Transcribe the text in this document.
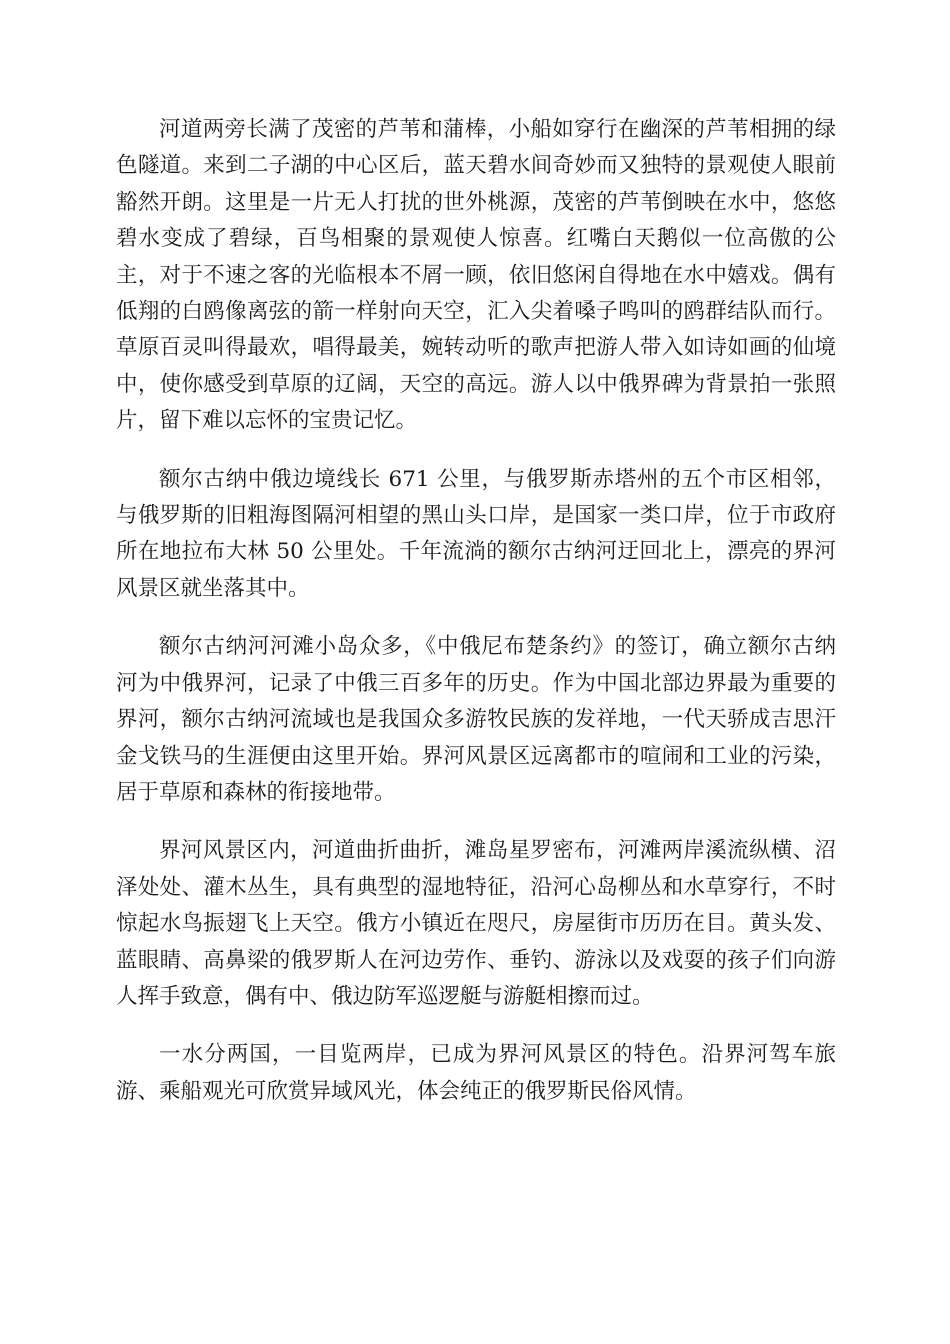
河道两旁长满了茂密的芦苇和蒲棒，小船如穿行在幽深的芦苇相拥的绿色隧道。来到二子湖的中心区后，蓝天碧水间奇妙而又独特的景观使人眼前豁然开朗。这里是一片无人打扰的世外桃源，茂密的芦苇倒映在水中，悠悠碧水变成了碧绿，百鸟相聚的景观使人惊喜。红嘴白天鹅似一位高傲的公主，对于不速之客的光临根本不屑一顾，依旧悠闲自得地在水中嬉戏。偶有低翔的白鸥像离弦的箭一样射向天空，汇入尖着嗓子鸣叫的鸥群结队而行。草原百灵叫得最欢，唱得最美，婉转动听的歌声把游人带入如诗如画的仙境中，使你感受到草原的辽阔，天空的高远。游人以中俄界碑为背景拍一张照片，留下难以忘怀的宝贵记忆。

额尔古纳中俄边境线长 671 公里，与俄罗斯赤塔州的五个市区相邻，与俄罗斯的旧粗海图隔河相望的黑山头口岸，是国家一类口岸，位于市政府所在地拉布大林 50 公里处。千年流淌的额尔古纳河迂回北上，漂亮的界河风景区就坐落其中。

额尔古纳河河滩小岛众多，《中俄尼布楚条约》的签订，确立额尔古纳河为中俄界河，记录了中俄三百多年的历史。作为中国北部边界最为重要的界河，额尔古纳河流域也是我国众多游牧民族的发祥地，一代天骄成吉思汗金戈铁马的生涯便由这里开始。界河风景区远离都市的喧闹和工业的污染，居于草原和森林的衔接地带。

界河风景区内，河道曲折曲折，滩岛星罗密布，河滩两岸溪流纵横、沼泽处处、灌木丛生，具有典型的湿地特征，沿河心岛柳丛和水草穿行，不时惊起水鸟振翅飞上天空。俄方小镇近在咫尺，房屋街市历历在目。黄头发、蓝眼睛、高鼻梁的俄罗斯人在河边劳作、垂钓、游泳以及戏耍的孩子们向游人挥手致意，偶有中、俄边防军巡逻艇与游艇相擦而过。

一水分两国，一目览两岸，已成为界河风景区的特色。沿界河驾车旅游、乘船观光可欣赏异域风光，体会纯正的俄罗斯民俗风情。
